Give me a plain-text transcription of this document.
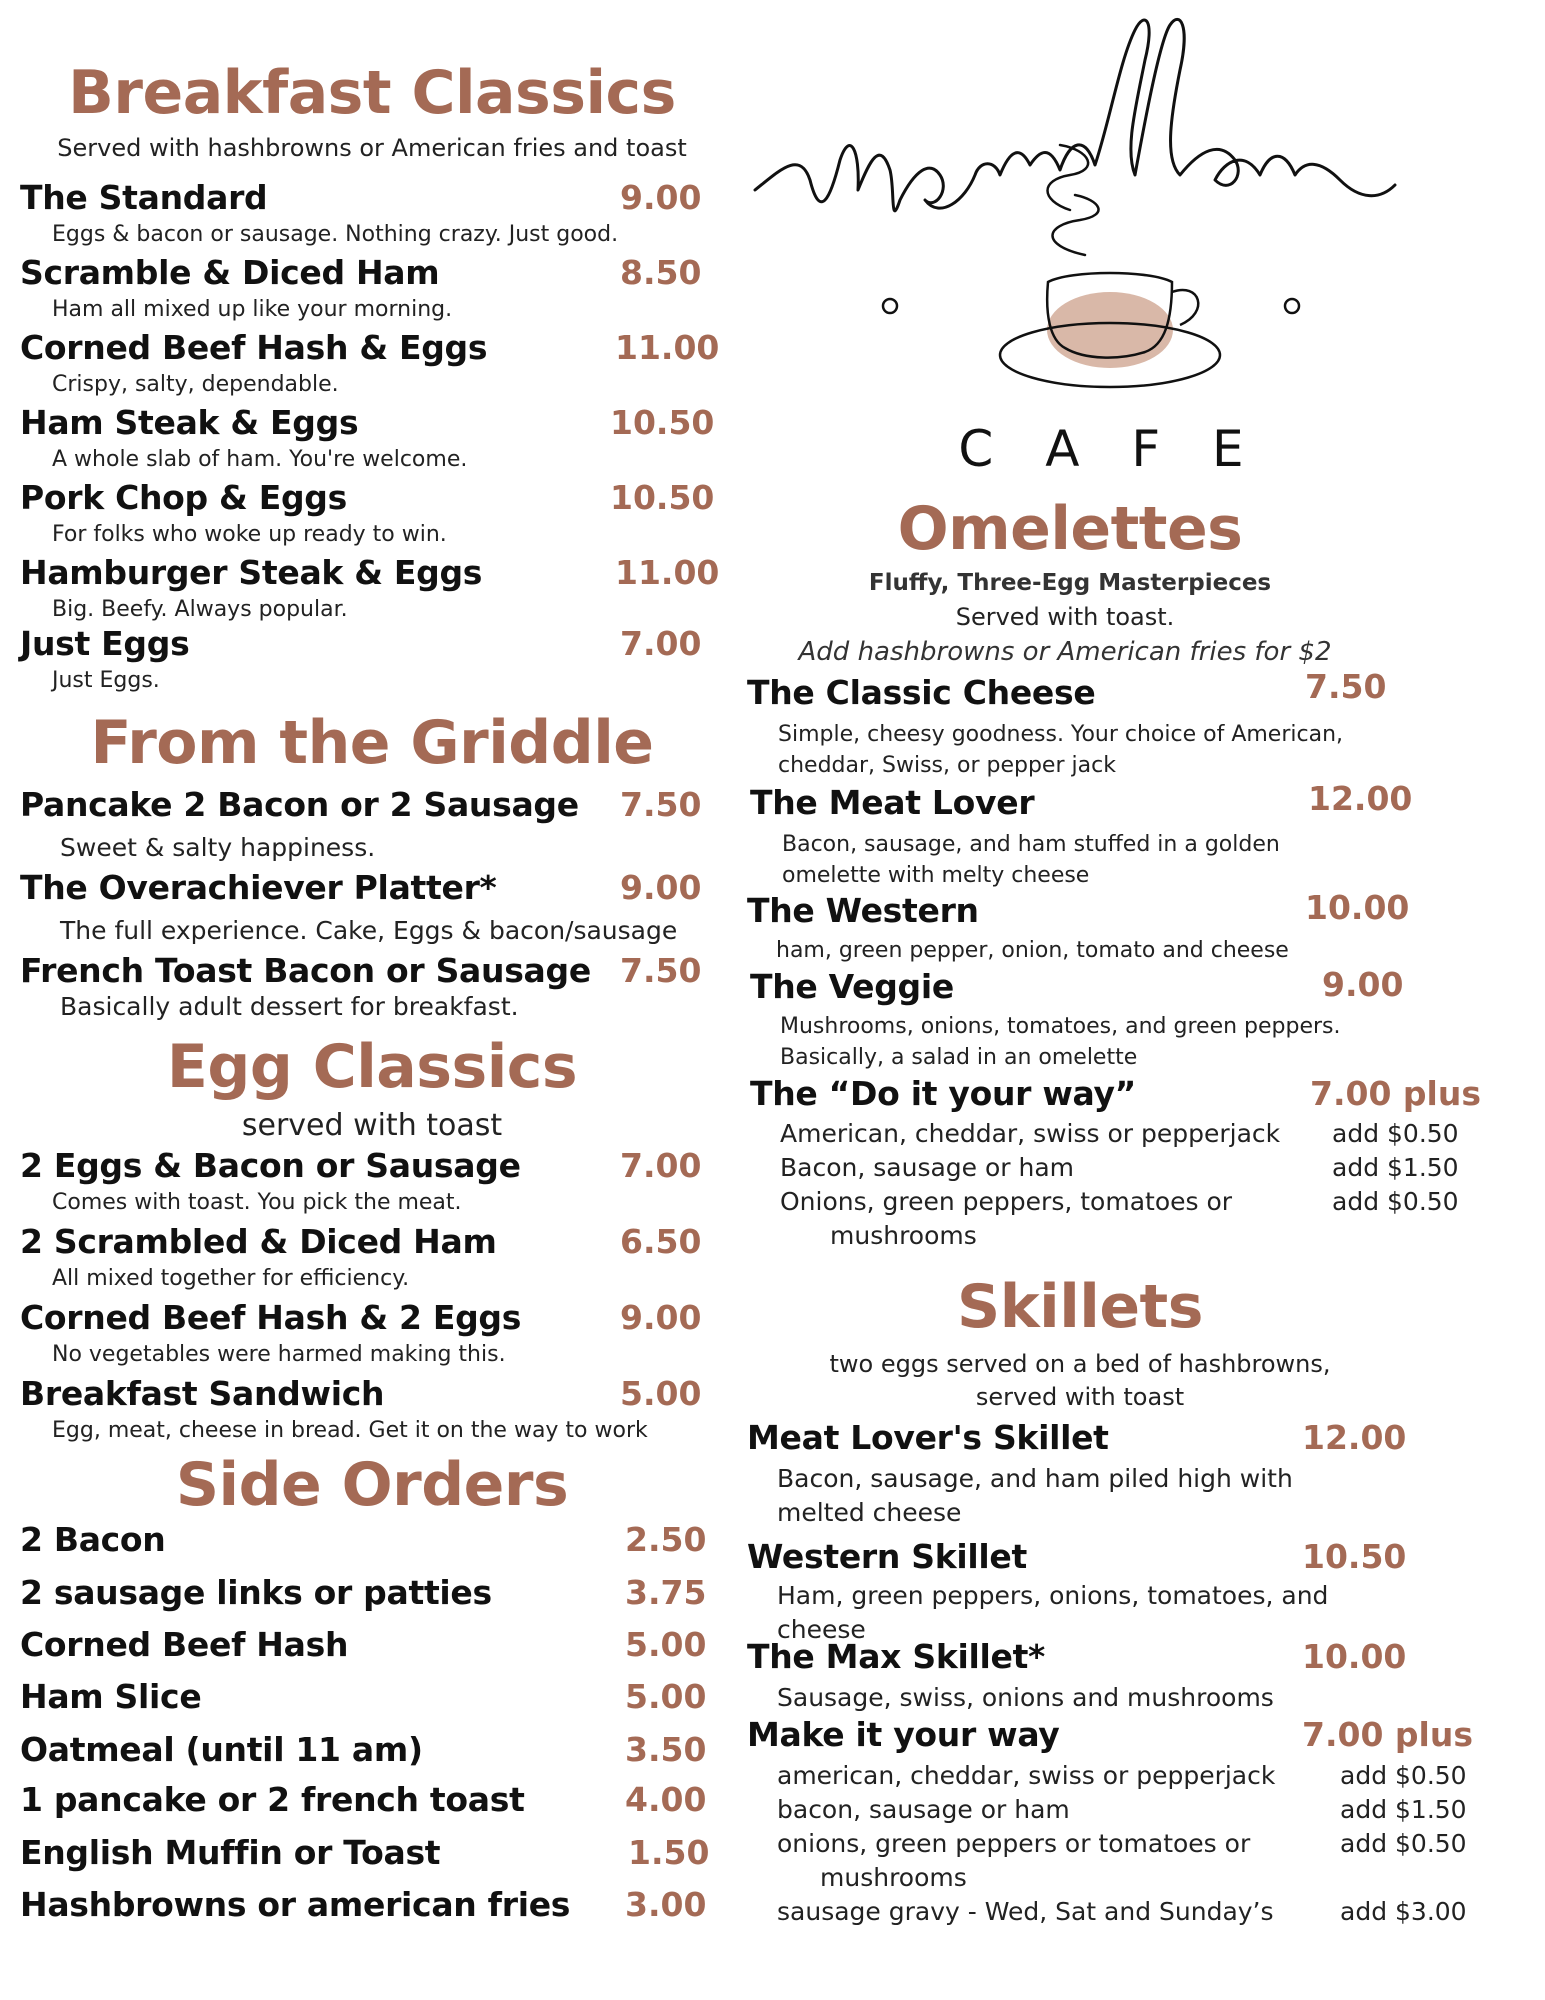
Breakfast Classics
Served with hashbrowns or American fries and toast
The Standard	9.00
Eggs & bacon or sausage. Nothing crazy. Just good.
Scramble & Diced Ham	8.50
Ham all mixed up like your morning.
Corned Beef Hash & Eggs	11.00
Crispy, salty, dependable.
Ham Steak & Eggs	10.50
A whole slab of ham. You're welcome.
Pork Chop & Eggs	10.50
For folks who woke up ready to win.
Hamburger Steak & Eggs	11.00
Big. Beefy. Always popular.
Just Eggs	7.00
Just Eggs.
From the Griddle
Pancake 2 Bacon or 2 Sausage 7.50
Sweet & salty happiness.
The Overachiever Platter*	9.00
The full experience. Cake, Eggs & bacon/sausage
French Toast Bacon or Sausage 7.50
Basically adult dessert for breakfast.
Egg Classics
served with toast
2 Eggs & Bacon or Sausage	7.00
Comes with toast. You pick the meat.
2 Scrambled & Diced Ham	6.50
All mixed together for efficiency.
Corned Beef Hash & 2 Eggs	9.00
No vegetables were harmed making this.
Breakfast Sandwich	5.00
Egg, meat, cheese in bread. Get it on the way to work
Side Orders
2 Bacon	2.50
2 sausage links or patties	3.75
Corned Beef Hash	5.00
Ham Slice	5.00
Oatmeal (until 11 am)	3.50
1 pancake or 2 french toast	4.00
English Muffin or Toast	1.50
Hashbrowns or american fries 3.00
C A F E
Omelettes
Fluffy, Three-Egg Masterpieces
Served with toast.
Add hashbrowns or American fries for $2
The Classic Cheese	7.50
Simple, cheesy goodness. Your choice of American,
cheddar, Swiss, or pepper jack
The Meat Lover	12.00
Bacon, sausage, and ham stuffed in a golden
omelette with melty cheese
The Western	10.00
ham, green pepper, onion, tomato and cheese
The Veggie	9.00
Mushrooms, onions, tomatoes, and green peppers.
Basically, a salad in an omelette
The “Do it your way”	7.00 plus
American, cheddar, swiss or pepperjack add $0.50
Bacon, sausage or ham	add $1.50
Onions, green peppers, tomatoes or	add $0.50
mushrooms
Skillets
two eggs served on a bed of hashbrowns,
served with toast
Meat Lover's Skillet	12.00
Bacon, sausage, and ham piled high with
melted cheese
Western Skillet	10.50
Ham, green peppers, onions, tomatoes, and
cheese
The Max Skillet*	10.00
Sausage, swiss, onions and mushrooms
Make it your way	7.00 plus
american, cheddar, swiss or pepperjack	add $0.50
bacon, sausage or ham	add $1.50
onions, green peppers or tomatoes or	add $0.50
mushrooms
sausage gravy - Wed, Sat and Sunday’s	add $3.00
